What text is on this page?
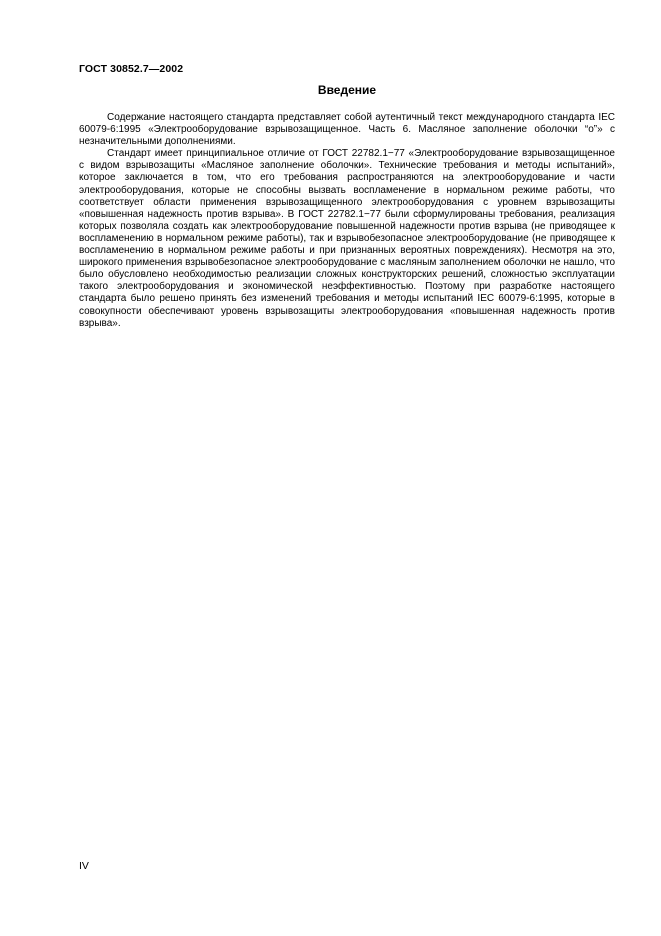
ГОСТ 30852.7—2002
Введение

Содержание настоящего стандарта представляет собой аутентичный текст международного стандарта IEC 60079-6:1995 «Электрооборудование взрывозащищенное. Часть 6. Масляное заполнение оболочки “о”» с незначительными дополнениями.

Стандарт имеет принципиальное отличие от ГОСТ 22782.1−77 «Электрооборудование взрывозащищенное с видом взрывозащиты «Масляное заполнение оболочки». Технические требования и методы испытаний», которое заключается в том, что его требования распространяются на электрооборудование и части электрооборудования, которые не способны вызвать воспламенение в нормальном режиме работы, что соответствует области применения взрывозащищенного электрооборудования с уровнем взрывозащиты «повышенная надежность против взрыва». В ГОСТ 22782.1−77 были сформулированы требования, реализация которых позволяла создать как электрооборудование повышенной надежности против взрыва (не приводящее к воспламенению в нормальном режиме работы), так и взрывобезопасное электрооборудование (не приводящее к воспламенению в нормальном режиме работы и при признанных вероятных повреждениях). Несмотря на это, широкого применения взрывобезопасное электрооборудование с масляным заполнением оболочки не нашло, что было обусловлено необходимостью реализации сложных конструкторских решений, сложностью эксплуатации такого электрооборудования и экономической неэффективностью. Поэтому при разработке настоящего стандарта было решено принять без изменений требования и методы испытаний IEC 60079-6:1995, которые в совокупности обеспечивают уровень взрывозащиты электрооборудования «повышенная надежность против взрыва».

IV
